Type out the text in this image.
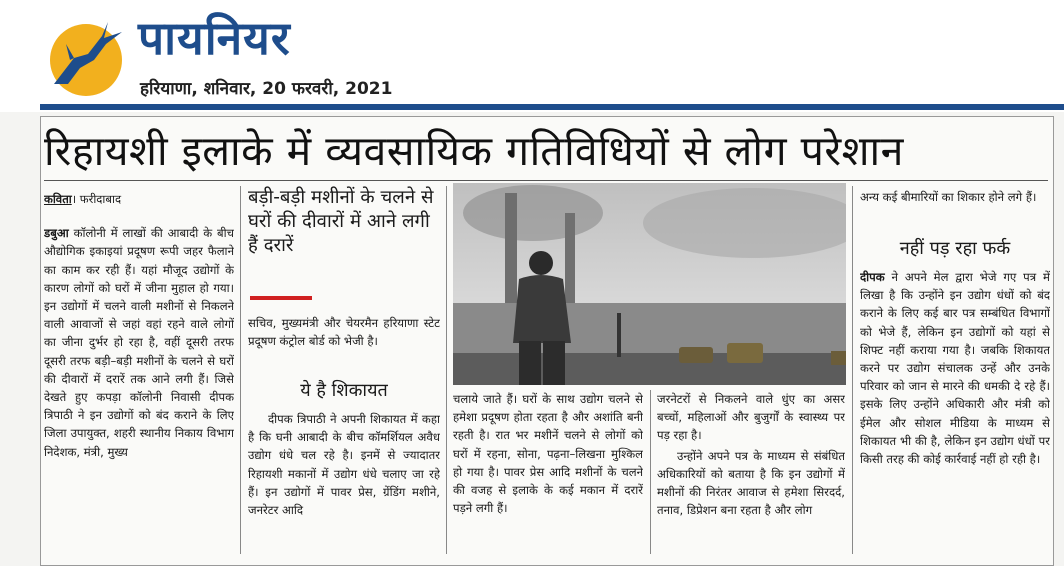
पायनियर
हरियाणा, शनिवार, 20 फरवरी, 2021
रिहायशी इलाके में व्यवसायिक गतिविधियों से लोग परेशान

कविता। फरीदाबाद

डबुआ कॉलोनी में लाखों की आबादी के बीच औद्योगिक इकाइयां प्रदूषण रूपी जहर फैलाने का काम कर रही हैं। यहां मौजूद उद्योगों के कारण लोगों को घरों में जीना मुहाल हो गया। इन उद्योगों में चलने वाली मशीनों से निकलने वाली आवाजों से जहां वहां रहने वाले लोगों का जीना दुर्भर हो रहा है, वहीं दूसरी तरफ दूसरी तरफ बड़ी–बड़ी मशीनों के चलने से घरों की दीवारों में दरारें तक आने लगी हैं। जिसे देखते हुए कपड़ा कॉलोनी निवासी दीपक त्रिपाठी ने इन उद्योगों को बंद कराने के लिए जिला उपायुक्त, शहरी स्थानीय निकाय विभाग निदेशक, मंत्री, मुख्य

बड़ी-बड़ी मशीनों के चलने से घरों की दीवारों में आने लगी हैं दरारें

सचिव, मुख्यमंत्री और चेयरमैन हरियाणा स्टेट प्रदूषण कंट्रोल बोर्ड को भेजी है।

ये है शिकायत

दीपक त्रिपाठी ने अपनी शिकायत में कहा है कि घनी आबादी के बीच कॉमर्शियल अवैध उद्योग धंधे चल रहे है। इनमें से ज्यादातर रिहायशी मकानों में उद्योग धंधे चलाए जा रहे हैं। इन उद्योगों में पावर प्रेस, ग्रेंडिंग मशीने, जनरेटर आदि

चलाये जाते हैं। घरों के साथ उद्योग चलने से हमेशा प्रदूषण होता रहता है और अशांति बनी रहती है। रात भर मशीनें चलने से लोगों को घरों में रहना, सोना, पढ़ना–लिखना मुश्किल हो गया है। पावर प्रेस आदि मशीनों के चलने की वजह से इलाके के कई मकान में दरारें पड़ने लगी हैं।

जरनेटरों से निकलने वाले धुंए का असर बच्चों, महिलाओं और बुजुर्गों के स्वास्थ्य पर पड़ रहा है।

उन्होंने अपने पत्र के माध्यम से संबंधित अधिकारियों को बताया है कि इन उद्योगों में मशीनों की निरंतर आवाज से हमेशा सिरदर्द, तनाव, डिप्रेशन बना रहता है और लोग

अन्य कई बीमारियों का शिकार होने लगे हैं।

नहीं पड़ रहा फर्क

दीपक ने अपने मेल द्वारा भेजे गए पत्र में लिखा है कि उन्होंने इन उद्योग धंधों को बंद कराने के लिए कई बार पत्र सम्बंधित विभागों को भेजे हैं, लेकिन इन उद्योगों को यहां से शिफ्ट नहीं कराया गया है। जबकि शिकायत करने पर उद्योग संचालक उन्हें और उनके परिवार को जान से मारने की धमकी दे रहे हैं। इसके लिए उन्होंने अधिकारी और मंत्री को ईमेल और सोशल मीडिया के माध्यम से शिकायत भी की है, लेकिन इन उद्योग धंधों पर किसी तरह की कोई कार्रवाई नहीं हो रही है।
